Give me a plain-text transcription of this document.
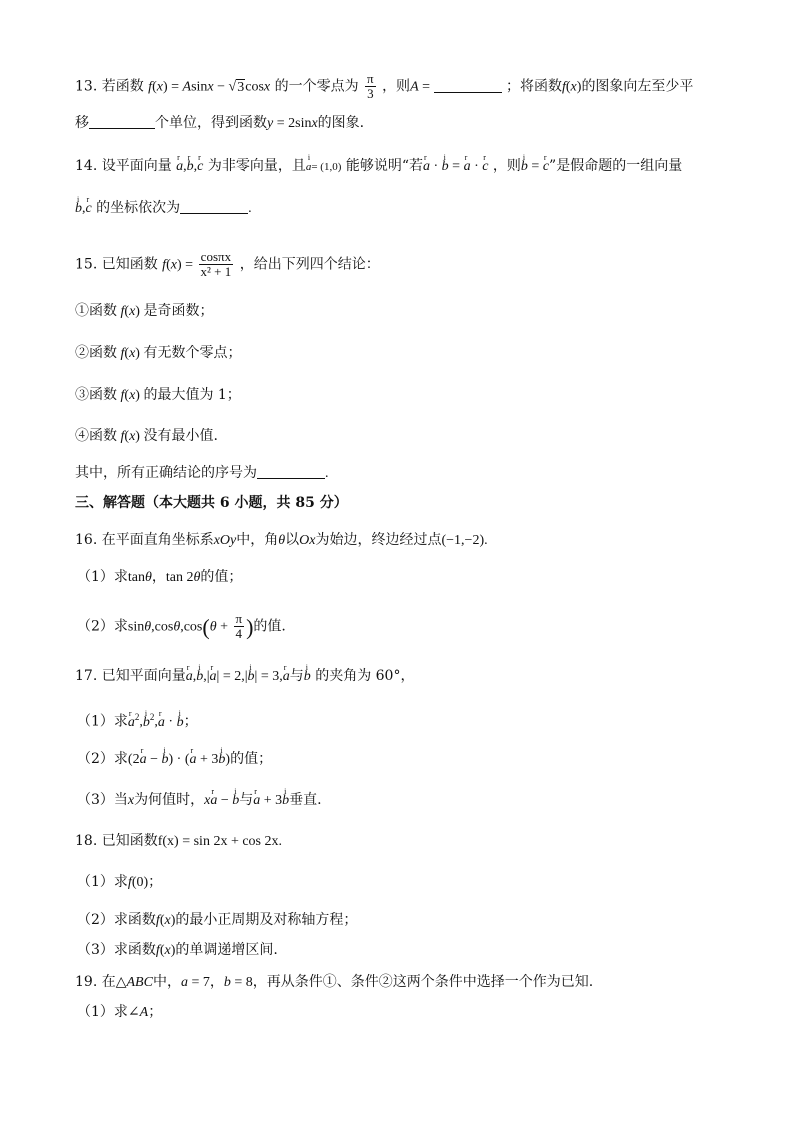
13. 若函数 f(x) = Asinx − √3cosx 的一个零点为 $\frac{\pi}{3}$ ，则A =	；将函数f(x)的图象向左至少平
移	个单位，得到函数y = 2sinx的图象.
14. 设平面向量 r a,r b,r c 为非零向量，且i a= (1,0) 能够说明“若r a · i b = r a · r c ，则i b = r c”是假命题的一组向量
i b,r c 的坐标依次为	.
15. 已知函数 $f(x) = \frac{\cos\pi x}{\text{x² + 1}}$ ，给出下列四个结论：
①函数 f(x) 是奇函数；
②函数 f(x) 有无数个零点；
③函数 f(x) 的最大值为 1；
④函数 f(x) 没有最小值.
其中，所有正确结论的序号为	.
三、解答题（本大题共 6 小题，共 85 分）
16. 在平面直角坐标系xOy中，角θ以Ox为始边，终边经过点(−1,−2).
（1）求tanθ，tan 2θ的值；
（2）求$\sin\theta,\cos\theta,\cos(\theta + \frac{\pi}{4}$ )的值.
17. 已知平面向量r a,i b,|r a| = 2,|i b| = 3,r a与i b 的夹角为 60°，
（1）求r $a^2,i$ $b^2,r$ a · i b；
（2）求(2r a − i b) · (r a + 3i b)的值；
（3）当x为何值时，xr a − i b与r a + 3i b垂直.
18. 已知函数f(x) = sin 2x + cos 2x.
（1）求f(0)；
（2）求函数f(x)的最小正周期及对称轴方程；
（3）求函数f(x)的单调递增区间.
19. 在△ABC中，a = 7，b = 8，再从条件①、条件②这两个条件中选择一个作为已知.
（1）求∠A；
